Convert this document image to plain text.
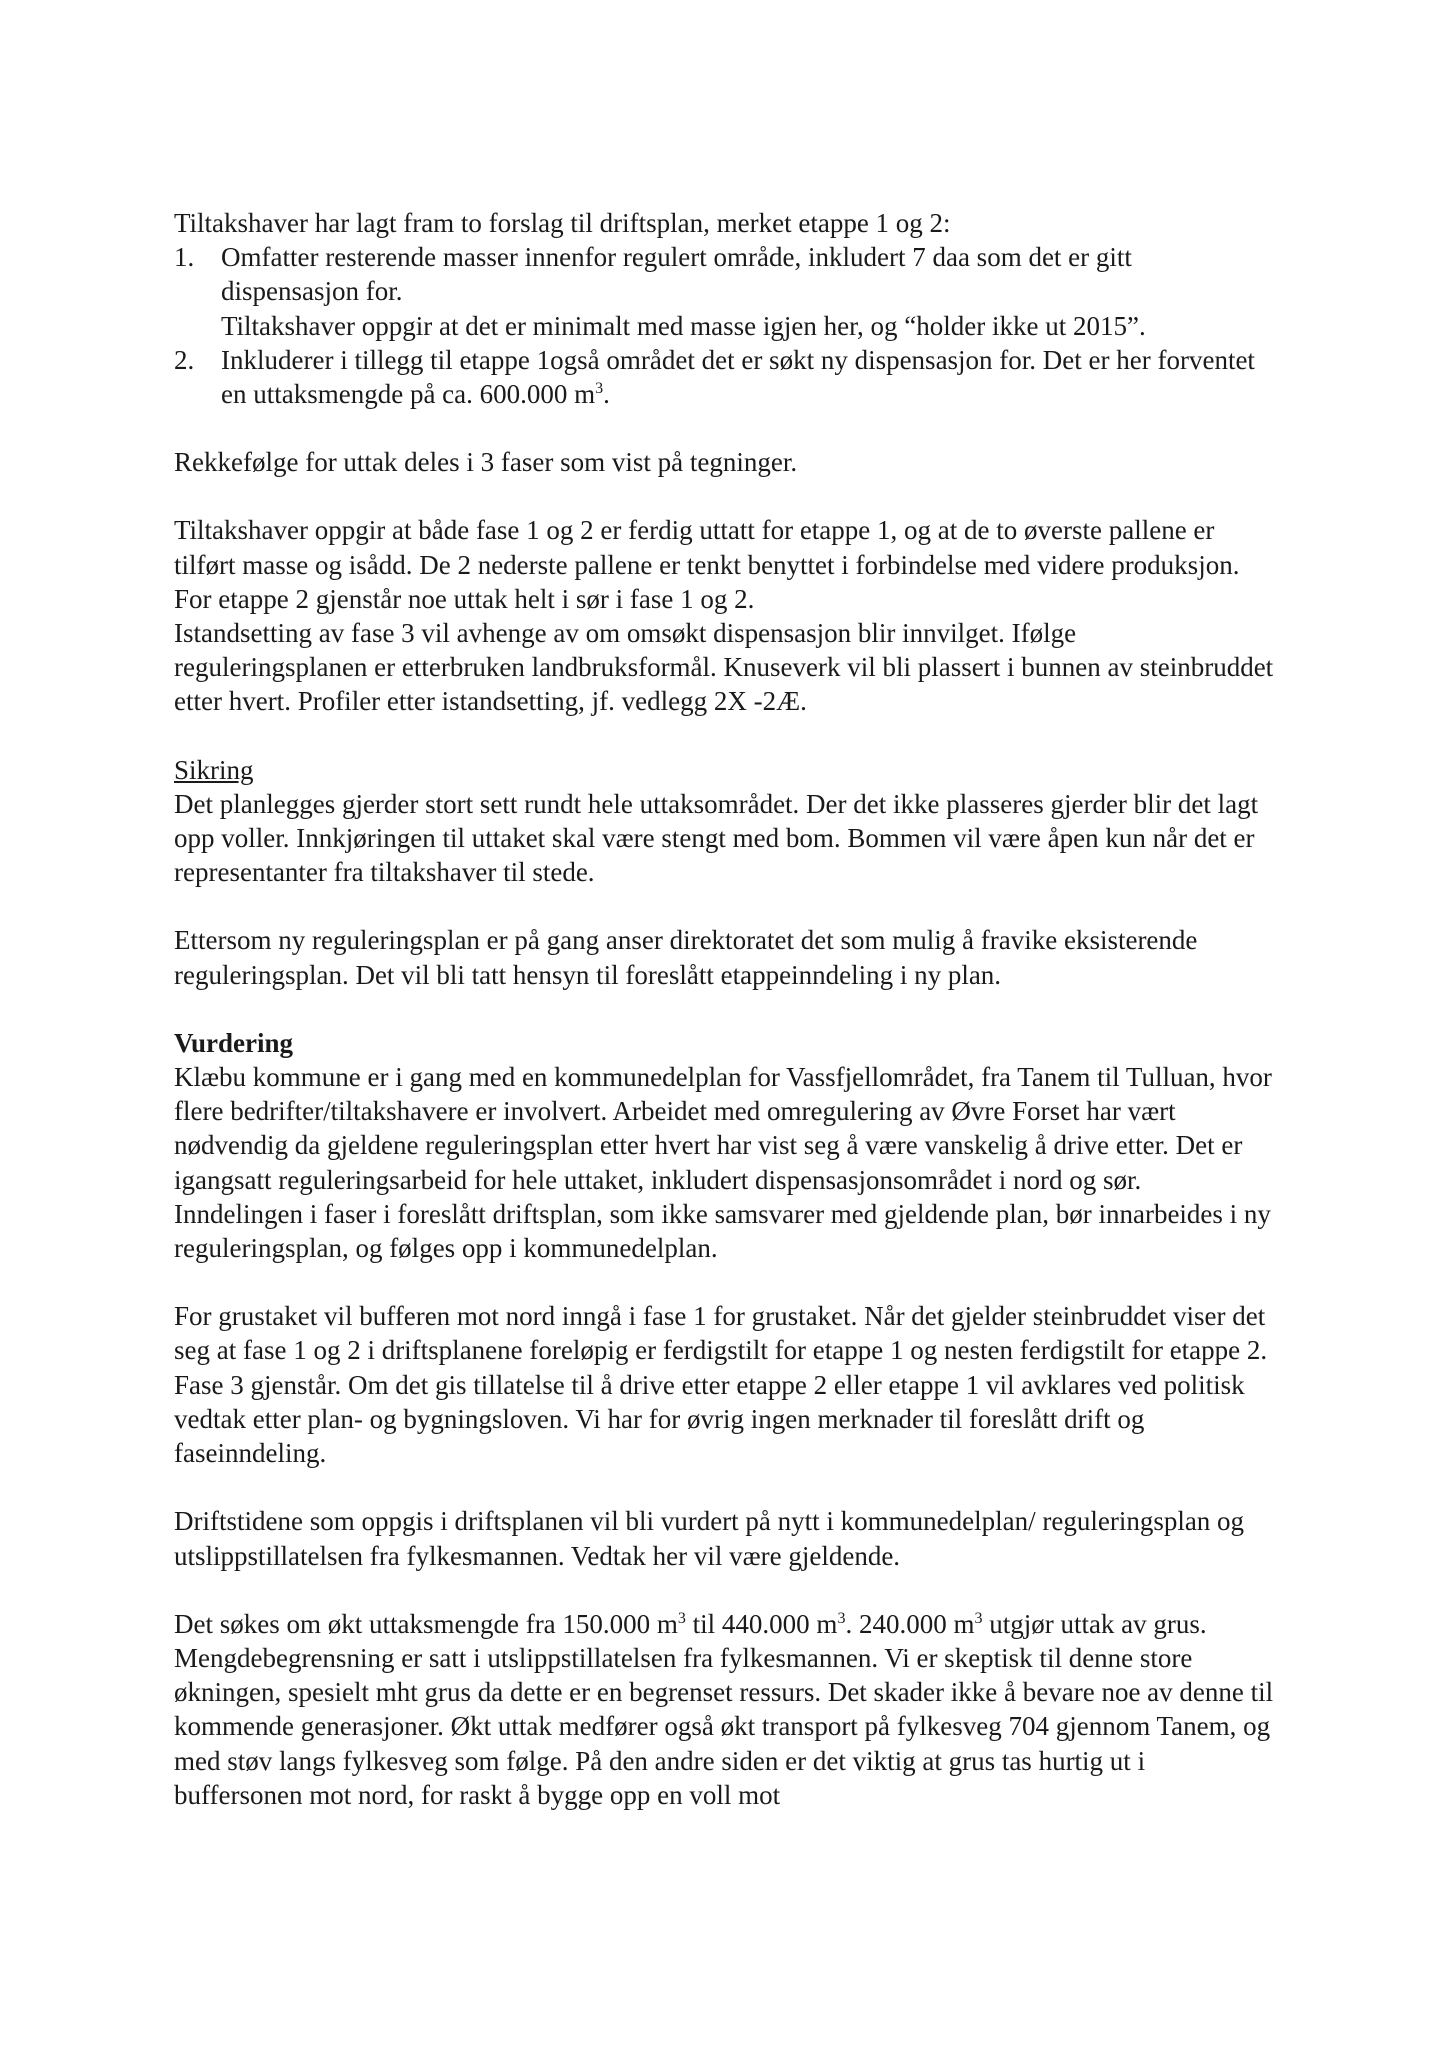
Tiltakshaver har lagt fram to forslag til driftsplan, merket etappe 1 og 2:

1. Omfatter resterende masser innenfor regulert område, inkludert 7 daa som det er gitt dispensasjon for.

Tiltakshaver oppgir at det er minimalt med masse igjen her, og “holder ikke ut 2015”.

2. Inkluderer i tillegg til etappe 1også området det er søkt ny dispensasjon for. Det er her forventet en uttaksmengde på ca. 600.000 $m^3$.

Rekkefølge for uttak deles i 3 faser som vist på tegninger.

Tiltakshaver oppgir at både fase 1 og 2 er ferdig uttatt for etappe 1, og at de to øverste pallene er tilført masse og isådd. De 2 nederste pallene er tenkt benyttet i forbindelse med videre produksjon. For etappe 2 gjenstår noe uttak helt i sør i fase 1 og 2.

Istandsetting av fase 3 vil avhenge av om omsøkt dispensasjon blir innvilget. Ifølge reguleringsplanen er etterbruken landbruksformål. Knuseverk vil bli plassert i bunnen av steinbruddet etter hvert. Profiler etter istandsetting, jf. vedlegg 2X -2Æ.

Sikring

Det planlegges gjerder stort sett rundt hele uttaksområdet. Der det ikke plasseres gjerder blir det lagt opp voller. Innkjøringen til uttaket skal være stengt med bom. Bommen vil være åpen kun når det er representanter fra tiltakshaver til stede.

Ettersom ny reguleringsplan er på gang anser direktoratet det som mulig å fravike eksisterende reguleringsplan. Det vil bli tatt hensyn til foreslått etappeinndeling i ny plan.

Vurdering

Klæbu kommune er i gang med en kommunedelplan for Vassfjellområdet, fra Tanem til Tulluan, hvor flere bedrifter/tiltakshavere er involvert. Arbeidet med omregulering av Øvre Forset har vært nødvendig da gjeldene reguleringsplan etter hvert har vist seg å være vanskelig å drive etter. Det er igangsatt reguleringsarbeid for hele uttaket, inkludert dispensasjonsområdet i nord og sør. Inndelingen i faser i foreslått driftsplan, som ikke samsvarer med gjeldende plan, bør innarbeides i ny reguleringsplan, og følges opp i kommunedelplan.

For grustaket vil bufferen mot nord inngå i fase 1 for grustaket. Når det gjelder steinbruddet viser det seg at fase 1 og 2 i driftsplanene foreløpig er ferdigstilt for etappe 1 og nesten ferdigstilt for etappe 2. Fase 3 gjenstår. Om det gis tillatelse til å drive etter etappe 2 eller etappe 1 vil avklares ved politisk vedtak etter plan- og bygningsloven. Vi har for øvrig ingen merknader til foreslått drift og faseinndeling.

Driftstidene som oppgis i driftsplanen vil bli vurdert på nytt i kommunedelplan/ reguleringsplan og utslippstillatelsen fra fylkesmannen. Vedtak her vil være gjeldende.

Det søkes om økt uttaksmengde fra 150.000 $m^3$ til 440.000 $m^3$. 240.000 $m^3$ utgjør uttak av grus. Mengdebegrensning er satt i utslippstillatelsen fra fylkesmannen. Vi er skeptisk til denne store økningen, spesielt mht grus da dette er en begrenset ressurs. Det skader ikke å bevare noe av denne til kommende generasjoner. Økt uttak medfører også økt transport på fylkesveg 704 gjennom Tanem, og med støv langs fylkesveg som følge. På den andre siden er det viktig at grus tas hurtig ut i buffersonen mot nord, for raskt å bygge opp en voll mot
